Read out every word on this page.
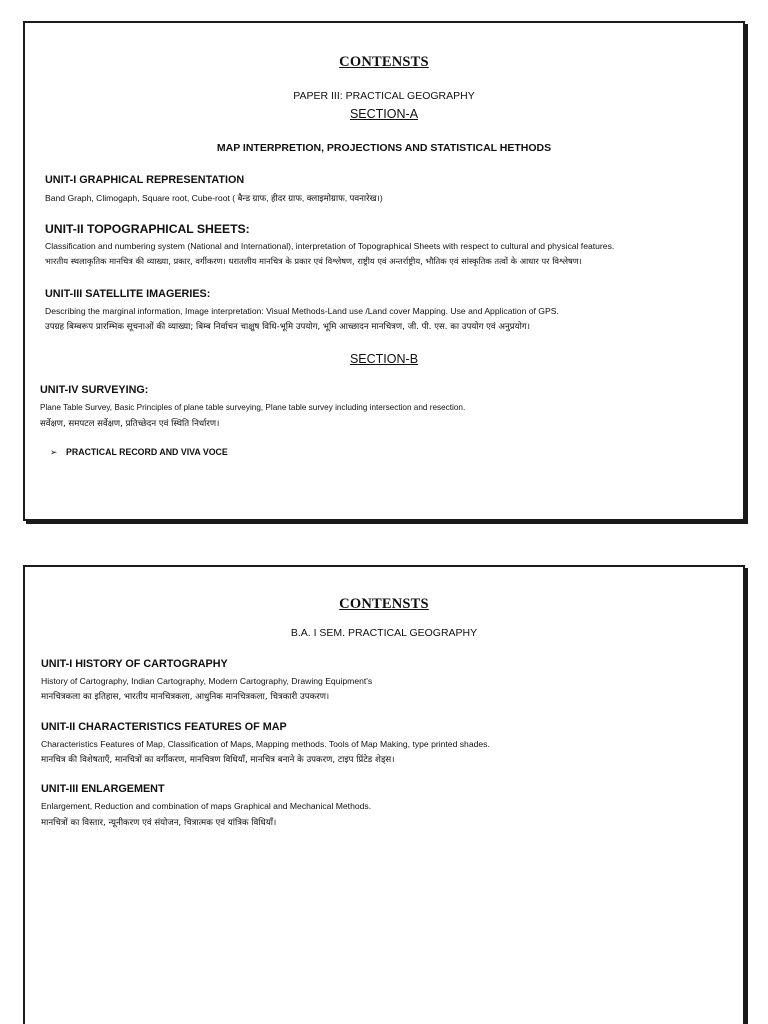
CONTENSTS
PAPER III: PRACTICAL GEOGRAPHY
SECTION-A
MAP INTERPRETION, PROJECTIONS AND STATISTICAL HETHODS
UNIT-I GRAPHICAL REPRESENTATION
Band Graph, Climogaph, Square root, Cube-root ( बैन्ड ग्राफ, हीदर ग्राफ, क्लाइमोग्राफ, पवनारेख।)
UNIT-II TOPOGRAPHICAL SHEETS:
Classification and numbering system (National and International), interpretation of Topographical Sheets with respect to cultural and physical features.
भारतीय स्थलाकृतिक मानचित्र की व्याख्या, प्रकार, वर्गीकरण। धरातलीय मानचित्र के प्रकार एवं विश्लेषण, राष्ट्रीय एवं अन्तर्राष्ट्रीय, भौतिक एवं सांस्कृतिक तत्वों के आधार पर विश्लेषण।
UNIT-III SATELLITE IMAGERIES:
Describing the marginal information, Image interpretation: Visual Methods-Land use /Land cover Mapping. Use and Application of GPS.
उपग्रह बिम्बरूप प्रारम्भिक सूचनाओं की व्याख्या; बिम्ब निर्वाचन चाक्षुष विधि-भूमि उपयोग, भूमि आच्छादन मानचित्रण, जी. पी. एस. का उपयोग एवं अनुप्रयोग।
SECTION-B
UNIT-IV SURVEYING:
Plane Table Survey, Basic Principles of plane table surveying, Plane table survey including intersection and resection.
सर्वेक्षण, समपटल सर्वेक्षण, प्रतिच्छेदन एवं स्थिति निर्धारण।
➢ PRACTICAL RECORD AND VIVA VOCE
CONTENSTS
B.A. I SEM. PRACTICAL GEOGRAPHY
UNIT-I HISTORY OF CARTOGRAPHY
History of Cartography, Indian Cartography, Modern Cartography, Drawing Equipment's
मानचित्रकला का इतिहास, भारतीय मानचित्रकला, आधुनिक मानचित्रकला, चित्रकारी उपकरण।
UNIT-II CHARACTERISTICS FEATURES OF MAP
Characteristics Features of Map, Classification of Maps, Mapping methods. Tools of Map Making, type printed shades.
मानचित्र की विशेषताएँ, मानचित्रों का वर्गीकरण, मानचित्रण विधियाँ, मानचित्र बनाने के उपकरण, टाइप प्रिंटेड शेड्स।
UNIT-III ENLARGEMENT
Enlargement, Reduction and combination of maps Graphical and Mechanical Methods.
मानचित्रों का विस्तार, न्यूनीकरण एवं संयोजन, चित्रात्मक एवं यांत्रिक विधियाँ।
